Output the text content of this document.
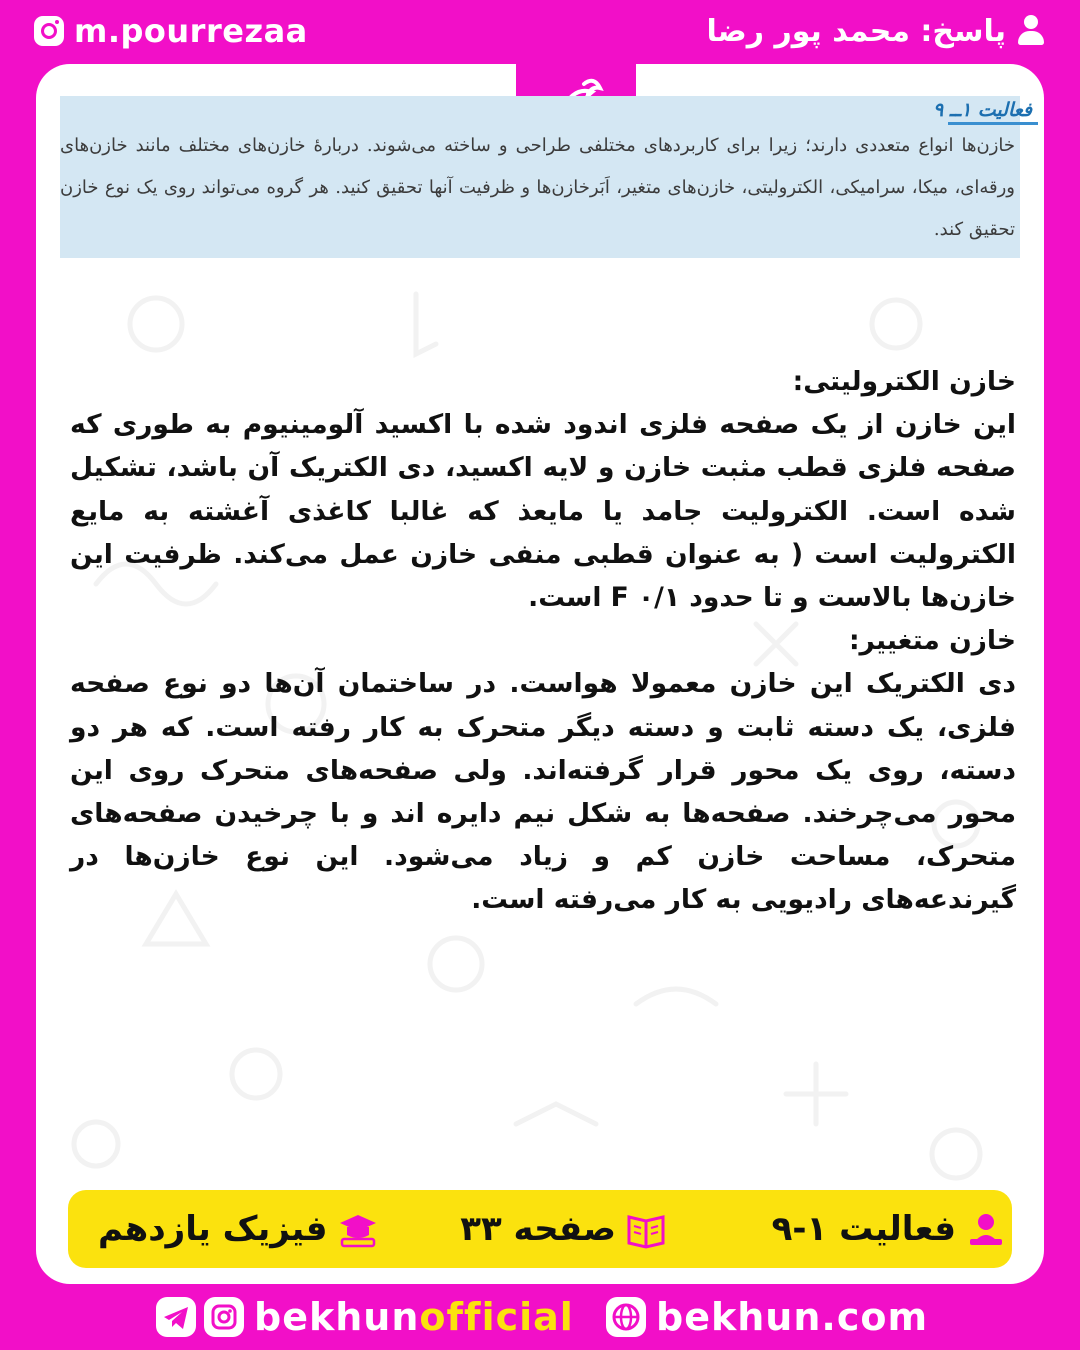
m.pourrezaa	پاسخ: محمد پور رضا
فعالیت ۱ــ ۹
خازن‌ها انواع متعددی دارند؛ زیرا برای کاربردهای مختلفی طراحی و ساخته می‌شوند. دربارهٔ خازن‌های مختلف مانند خازن‌های ورقه‌ای، میکا، سرامیکی، الکترولیتی، خازن‌های متغیر، اَبَرخازن‌ها و ظرفیت آنها تحقیق کنید. هر گروه می‌تواند روی یک نوع خازن تحقیق کند.

خازن الکترولیتی:

این خازن از یک صفحه فلزی اندود شده با اکسید آلومینیوم به طوری که صفحه فلزی قطب مثبت خازن و لایه اکسید، دی الکتریک آن باشد، تشکیل شده است. الکترولیت جامد یا مایعذ که غالبا کاغذی آغشته به مایع الکترولیت است ( به عنوان قطبی منفی خازن عمل می‌کند. ظرفیت این خازن‌ها بالاست و تا حدود F ۰/۱ است.

خازن متغییر:

دی الکتریک این خازن معمولا هواست. در ساختمان آن‌ها دو نوع صفحه فلزی، یک دسته ثابت و دسته دیگر متحرک به کار رفته است. که هر دو دسته، روی یک محور قرار گرفته‌اند. ولی صفحه‌های متحرک روی این محور می‌چرخند. صفحه‌ها به شکل نیم دایره اند و با چرخیدن صفحه‌های متحرک، مساحت خازن کم و زیاد می‌شود. این نوع خازن‌ها در گیرندعه‌های رادیویی به کار می‌رفته است.

فعالیت ۱-۹
صفحه ۳۳
فیزیک یازدهم
bekhun official bekhun.com
